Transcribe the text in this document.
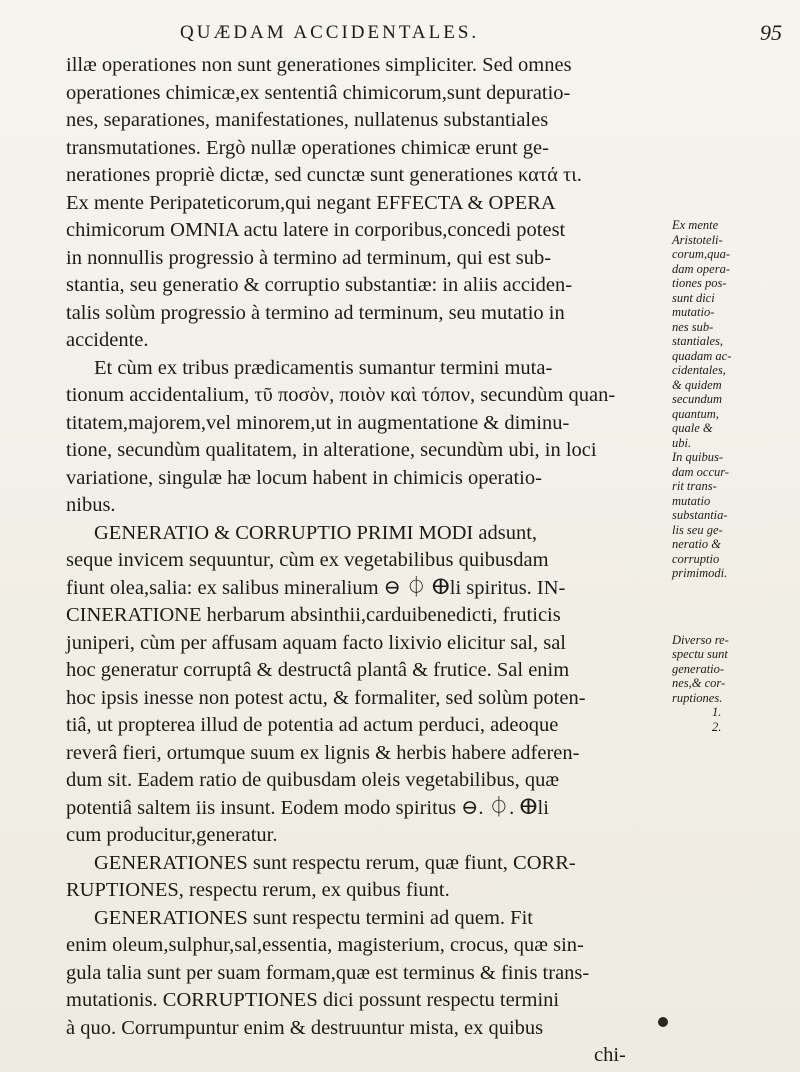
QUÆDAM ACCIDENTALES.	95
illæ operationes non sunt generationes simpliciter. Sed omnes
operationes chimicæ,ex sententiâ chimicorum,sunt depuratio-
nes, separationes, manifestationes, nullatenus substantiales
transmutationes. Ergò nullæ operationes chimicæ erunt ge-
nerationes propriè dictæ, sed cunctæ sunt generationes κατά τι.
Ex mente Peripateticorum,qui negant EFFECTA & OPERA
chimicorum OMNIA actu latere in corporibus,concedi potest
in nonnullis progressio à termino ad terminum, qui est sub-
stantia, seu generatio & corruptio substantiæ: in aliis acciden-
talis solùm progressio à termino ad terminum, seu mutatio in
accidente.
Et cùm ex tribus prædicamentis sumantur termini muta-
tionum accidentalium, τῦ ποσὸν, ποιὸν καὶ τόπον, secundùm quan-
titatem,majorem,vel minorem,ut in augmentatione & diminu-
tione, secundùm qualitatem, in alteratione, secundùm ubi, in loci
variatione, singulæ hæ locum habent in chimicis operatio-
nibus.
GENERATIO & CORRUPTIO PRIMI MODI adsunt,
seque invicem sequuntur, cùm ex vegetabilibus quibusdam
fiunt olea,salia: ex salibus mineralium ⊖ ⏀ ⴲli spiritus. IN-
CINERATIONE herbarum absinthii,carduibenedicti, fruticis
juniperi, cùm per affusam aquam facto lixivio elicitur sal, sal
hoc generatur corruptâ & destructâ plantâ & frutice. Sal enim
hoc ipsis inesse non potest actu, & formaliter, sed solùm poten-
tiâ, ut propterea illud de potentia ad actum perduci, adeoque
reverâ fieri, ortumque suum ex lignis & herbis habere adferen-
dum sit. Eadem ratio de quibusdam oleis vegetabilibus, quæ
potentiâ saltem iis insunt. Eodem modo spiritus ⊖. ⏀. ⴲli
cum producitur,generatur.
GENERATIONES sunt respectu rerum, quæ fiunt, CORR-
RUPTIONES, respectu rerum, ex quibus fiunt.
GENERATIONES sunt respectu termini ad quem. Fit
enim oleum,sulphur,sal,essentia, magisterium, crocus, quæ sin-
gula talia sunt per suam formam,quæ est terminus & finis trans-
mutationis. CORRUPTIONES dici possunt respectu termini
à quo. Corrumpuntur enim & destruuntur mista, ex quibus
chi-
Ex mente
Aristoteli-
corum,qua-
dam opera-
tiones pos-
sunt dici
mutatio-
nes sub-
stantiales,
quadam ac-
cidentales,
& quidem
secundum
quantum,
quale &
ubi.
In quibus-
dam occur-
rit trans-
mutatio
substantia-
lis seu ge-
neratio &
corruptio
primimodi.
Diverso re-
spectu sunt
generatio-
nes,& cor-
ruptiones.
1.
2.
